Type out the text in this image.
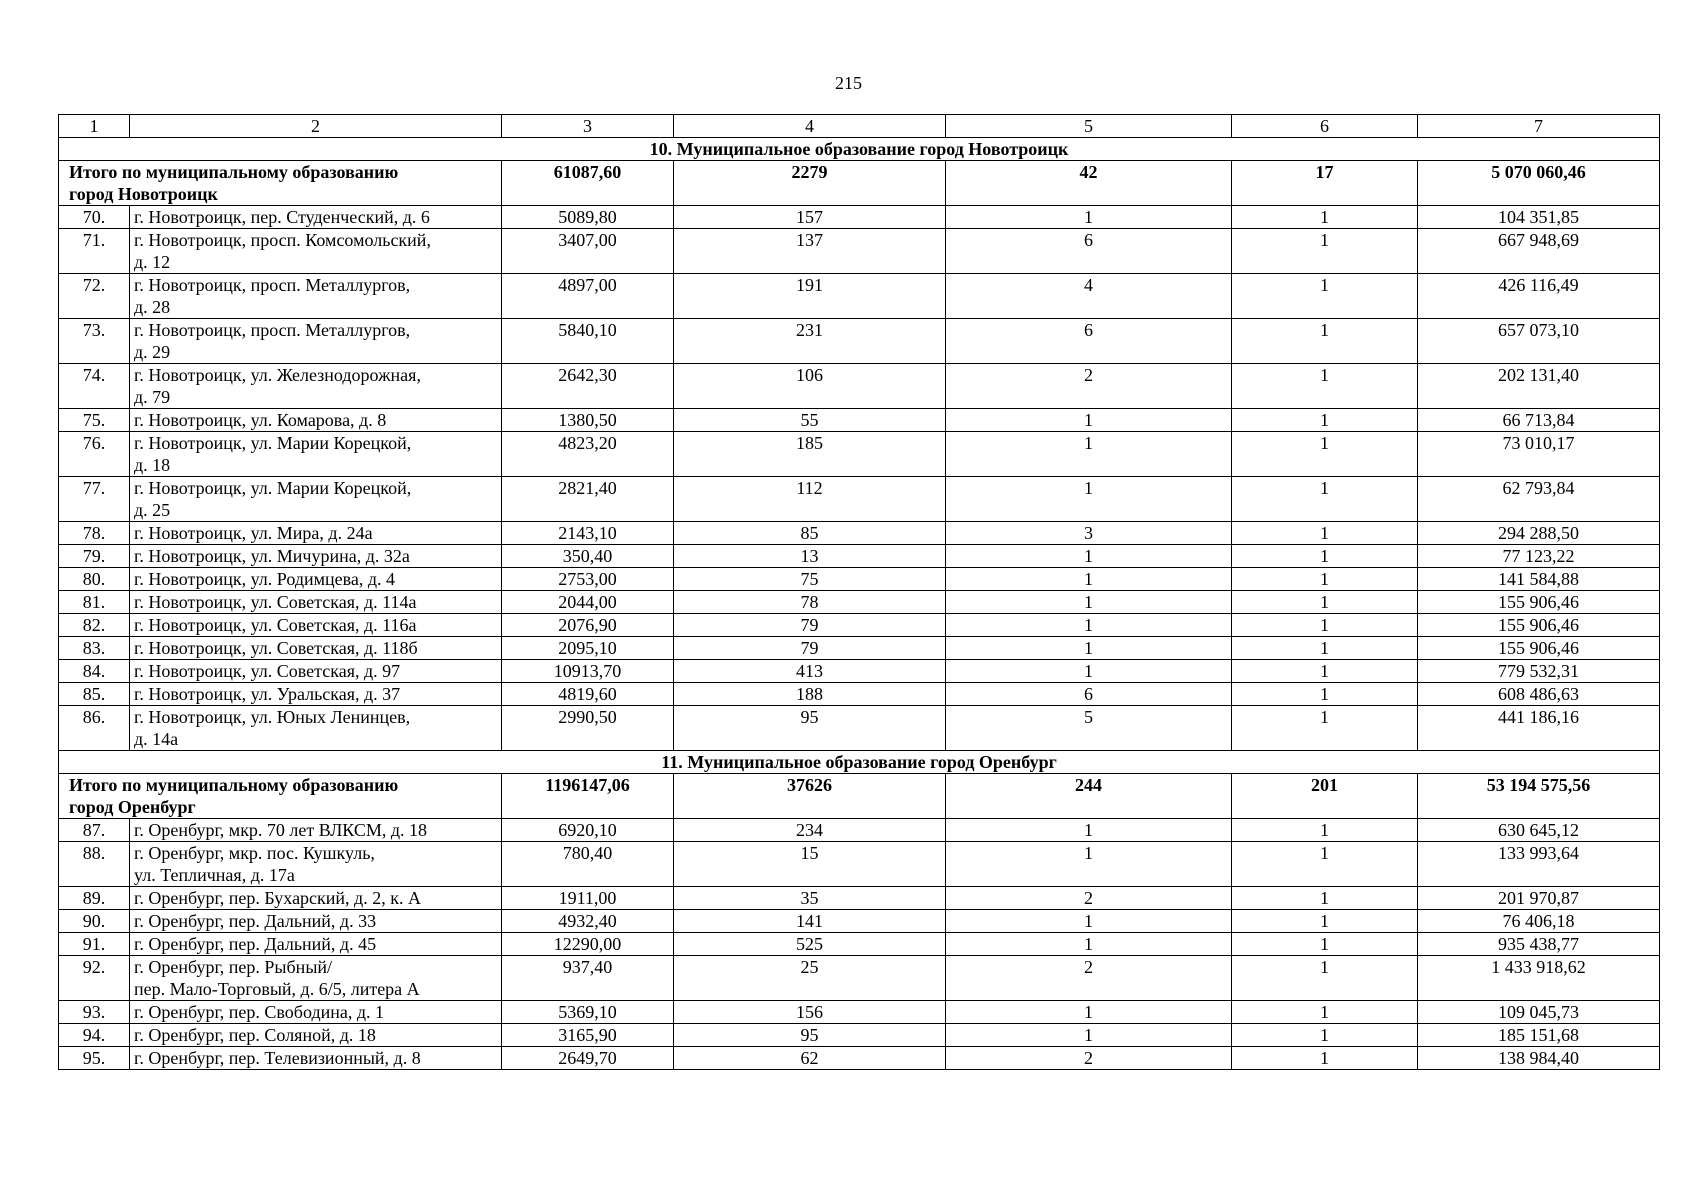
215
1	2	3	4	5	6	7
10. Муниципальное образование город Новотроицк						

Итого по муниципальному образованию
город Новотроицк		61087,60	2279	42	17	5 070 060,46
70.	г. Новотроицк, пер. Студенческий, д. 6	5089,80	157	1	1	104 351,85
71.	г. Новотроицк, просп. Комсомольский,
д. 12	3407,00	137	6	1	667 948,69
72.	г. Новотроицк, просп. Металлургов,
д. 28	4897,00	191	4	1	426 116,49
73.	г. Новотроицк, просп. Металлургов,
д. 29	5840,10	231	6	1	657 073,10
74.	г. Новотроицк, ул. Железнодорожная,
д. 79	2642,30	106	2	1	202 131,40
75.	г. Новотроицк, ул. Комарова, д. 8	1380,50	55	1	1	66 713,84
76.	г. Новотроицк, ул. Марии Корецкой,
д. 18	4823,20	185	1	1	73 010,17
77.	г. Новотроицк, ул. Марии Корецкой,
д. 25	2821,40	112	1	1	62 793,84
78.	г. Новотроицк, ул. Мира, д. 24а	2143,10	85	3	1	294 288,50
79.	г. Новотроицк, ул. Мичурина, д. 32а	350,40	13	1	1	77 123,22
80.	г. Новотроицк, ул. Родимцева, д. 4	2753,00	75	1	1	141 584,88
81.	г. Новотроицк, ул. Советская, д. 114а	2044,00	78	1	1	155 906,46
82.	г. Новотроицк, ул. Советская, д. 116а	2076,90	79	1	1	155 906,46
83.	г. Новотроицк, ул. Советская, д. 118б	2095,10	79	1	1	155 906,46
84.	г. Новотроицк, ул. Советская, д. 97	10913,70	413	1	1	779 532,31
85.	г. Новотроицк, ул. Уральская, д. 37	4819,60	188	6	1	608 486,63
86.	г. Новотроицк, ул. Юных Ленинцев,
д. 14а	2990,50	95	5	1	441 186,16
11. Муниципальное образование город Оренбург						

Итого по муниципальному образованию
город Оренбург		1196147,06	37626	244	201	53 194 575,56
87.	г. Оренбург, мкр. 70 лет ВЛКСМ, д. 18	6920,10	234	1	1	630 645,12
88.	г. Оренбург, мкр. пос. Кушкуль,
ул. Тепличная, д. 17а	780,40	15	1	1	133 993,64
89.	г. Оренбург, пер. Бухарский, д. 2, к. А	1911,00	35	2	1	201 970,87
90.	г. Оренбург, пер. Дальний, д. 33	4932,40	141	1	1	76 406,18
91.	г. Оренбург, пер. Дальний, д. 45	12290,00	525	1	1	935 438,77
92.	г. Оренбург, пер. Рыбный/
пер. Мало-Торговый, д. 6/5, литера А	937,40	25	2	1	1 433 918,62
93.	г. Оренбург, пер. Свободина, д. 1	5369,10	156	1	1	109 045,73
94.	г. Оренбург, пер. Соляной, д. 18	3165,90	95	1	1	185 151,68
95.	г. Оренбург, пер. Телевизионный, д. 8	2649,70	62	2	1	138 984,40
